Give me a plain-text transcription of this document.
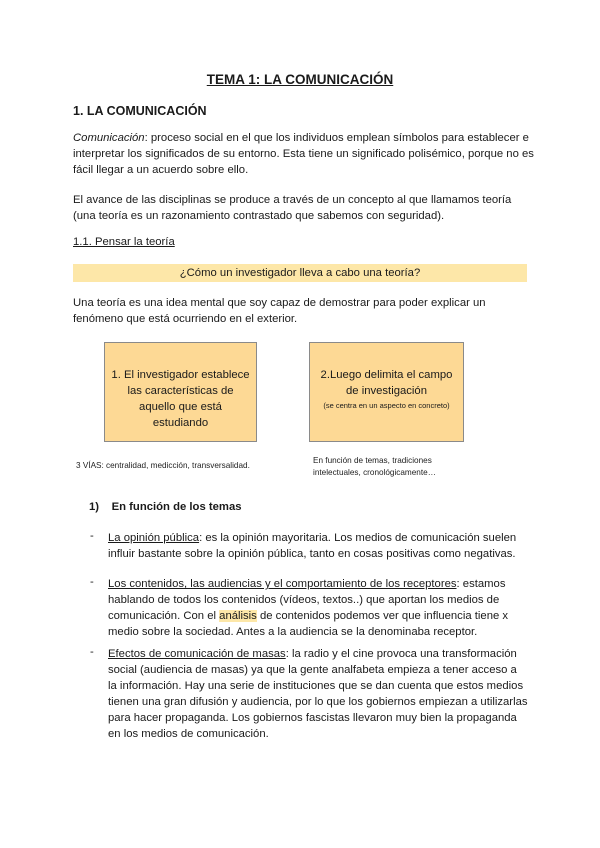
TEMA 1: LA COMUNICACIÓN
1. LA COMUNICACIÓN
Comunicación: proceso social en el que los individuos emplean símbolos para establecer e interpretar los significados de su entorno. Esta tiene un significado polisémico, porque no es fácil llegar a un acuerdo sobre ello.
El avance de las disciplinas se produce a través de un concepto al que llamamos teoría (una teoría es un razonamiento contrastado que sabemos con seguridad).
1.1. Pensar la teoría
¿Cómo un investigador lleva a cabo una teoría?
Una teoría es una idea mental que soy capaz de demostrar para poder explicar un fenómeno que está ocurriendo en el exterior.
1. El investigador establece las características de aquello que está estudiando
3 VÍAS: centralidad, medicción, transversalidad.
2.Luego delimita el campo de investigación
(se centra en un aspecto en concreto)
En función de temas, tradiciones intelectuales, cronológicamente…
1)    En función de los temas
- La opinión pública: es la opinión mayoritaria. Los medios de comunicación suelen influir bastante sobre la opinión pública, tanto en cosas positivas como negativas.
- Los contenidos, las audiencias y el comportamiento de los receptores: estamos hablando de todos los contenidos (vídeos, textos..) que aportan los medios de comunicación. Con el análisis de contenidos podemos ver que influencia tiene x medio sobre la sociedad. Antes a la audiencia se la denominaba receptor.
- Efectos de comunicación de masas: la radio y el cine provoca una transformación social (audiencia de masas) ya que la gente analfabeta empieza a tener acceso a la información. Hay una serie de instituciones que se dan cuenta que estos medios tienen una gran difusión y audiencia, por lo que los gobiernos empiezan a utilizarlas para hacer propaganda. Los gobiernos fascistas llevaron muy bien la propaganda en los medios de comunicación.
